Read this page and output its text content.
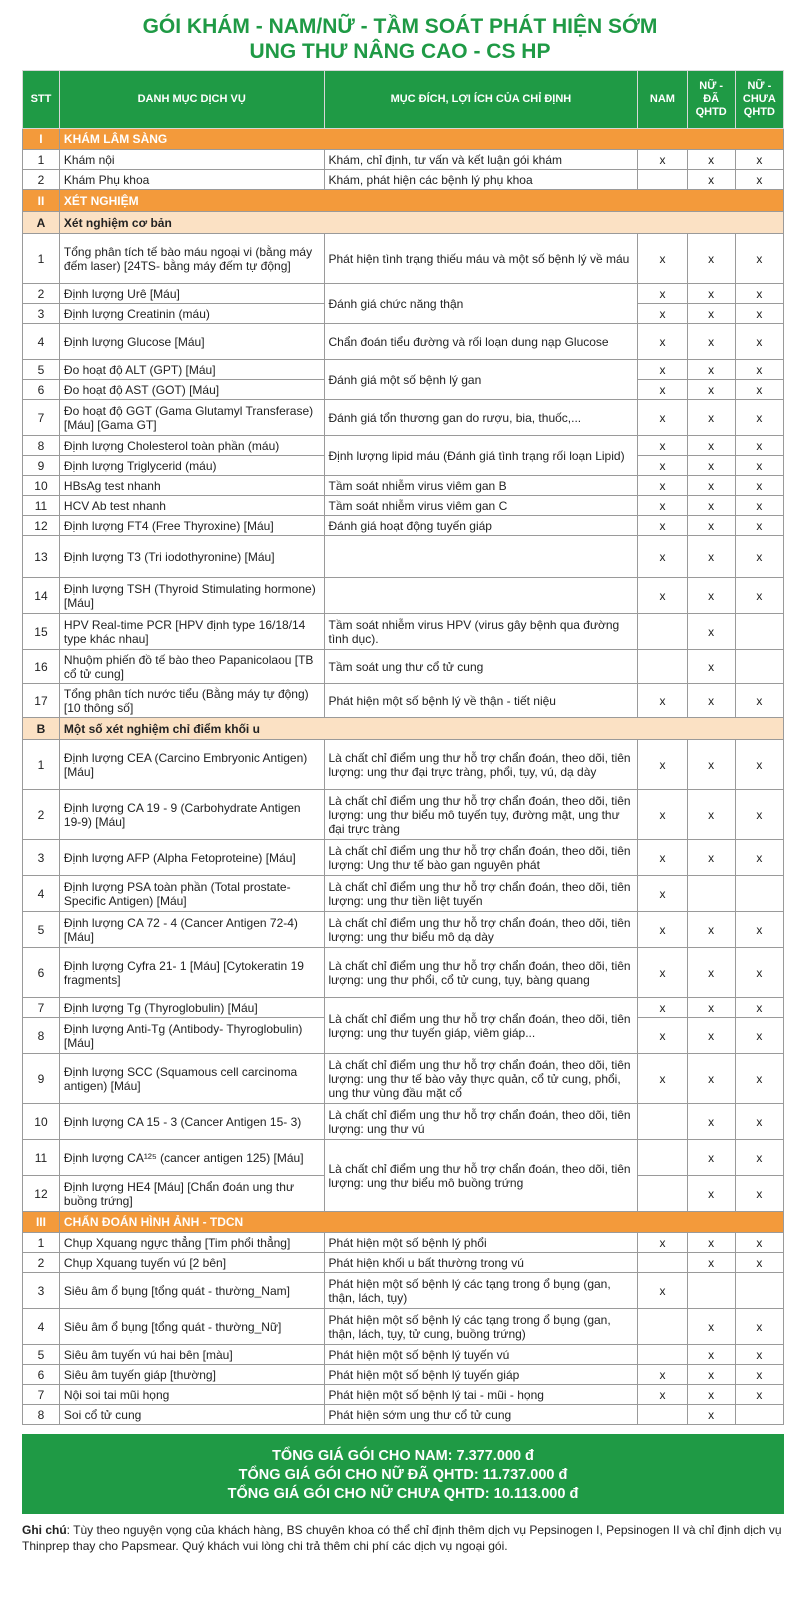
GÓI KHÁM - NAM/NỮ - TẦM SOÁT PHÁT HIỆN SỚM
UNG THƯ NÂNG CAO - CS HP
STT	DANH MỤC DỊCH VỤ	MỤC ĐÍCH, LỢI ÍCH CỦA CHỈ ĐỊNH	NAM	NỮ - ĐÃ QHTD	NỮ - CHƯA QHTD
I	KHÁM LÂM SÀNG				
1	Khám nội	Khám, chỉ định, tư vấn và kết luận gói khám	x	x	x
2	Khám Phụ khoa	Khám, phát hiện các bệnh lý phụ khoa		x	x
II	XÉT NGHIỆM				
A	Xét nghiệm cơ bản				
1	Tổng phân tích tế bào máu ngoại vi (bằng máy đếm laser) [24TS- bằng máy đếm tự động]	Phát hiện tình trạng thiếu máu và một số bệnh lý về máu	x	x	x
2	Định lượng Urê [Máu]	Đánh giá chức năng thận	x	x	x
3	Định lượng Creatinin (máu)		x	x	x
4	Định lượng Glucose [Máu]	Chẩn đoán tiểu đường và rối loạn dung nạp Glucose	x	x	x
5	Đo hoạt độ ALT (GPT) [Máu]	Đánh giá một số bệnh lý gan	x	x	x
6	Đo hoạt độ AST (GOT) [Máu]		x	x	x
7	Đo hoạt độ GGT (Gama Glutamyl Transferase) [Máu] [Gama GT]	Đánh giá tổn thương gan do rượu, bia, thuốc,...	x	x	x
8	Định lượng Cholesterol toàn phần (máu)	Định lượng lipid máu (Đánh giá tình trạng rối loạn Lipid)	x	x	x
9	Định lượng Triglycerid (máu)		x	x	x
10	HBsAg test nhanh	Tầm soát nhiễm virus viêm gan B	x	x	x
11	HCV Ab test nhanh	Tầm soát nhiễm virus viêm gan C	x	x	x
12	Định lượng FT4 (Free Thyroxine) [Máu]	Đánh giá hoạt động tuyến giáp	x	x	x
13	Định lượng T3 (Tri iodothyronine) [Máu]		x	x	x
14	Định lượng TSH (Thyroid Stimulating hormone) [Máu]		x	x	x
15	HPV Real-time PCR [HPV định type 16/18/14 type khác nhau]	Tầm soát nhiễm virus HPV (virus gây bệnh qua đường tình dục).		x	
16	Nhuộm phiến đồ tế bào theo Papanicolaou [TB cổ tử cung]	Tầm soát ung thư cổ tử cung		x	
17	Tổng phân tích nước tiểu (Bằng máy tự động) [10 thông số]	Phát hiện một số bệnh lý về thận - tiết niệu	x	x	x
B	Một số xét nghiệm chỉ điểm khối u				
1	Định lượng CEA (Carcino Embryonic Antigen) [Máu]	Là chất chỉ điểm ung thư hỗ trợ chẩn đoán, theo dõi, tiên lượng: ung thư đại trực tràng, phổi, tụy, vú, dạ dày	x	x	x
2	Định lượng CA 19 - 9 (Carbohydrate Antigen 19-9) [Máu]	Là chất chỉ điểm ung thư hỗ trợ chẩn đoán, theo dõi, tiên lượng: ung thư biểu mô tuyến tụy, đường mật, ung thư đại trực tràng	x	x	x
3	Định lượng AFP (Alpha Fetoproteine) [Máu]	Là chất chỉ điểm ung thư hỗ trợ chẩn đoán, theo dõi, tiên lượng: Ung thư tế bào gan nguyên phát	x	x	x
4	Định lượng PSA toàn phần (Total prostate-Specific Antigen) [Máu]	Là chất chỉ điểm ung thư hỗ trợ chẩn đoán, theo dõi, tiên lượng: ung thư tiền liệt tuyến	x		
5	Định lượng CA 72 - 4 (Cancer Antigen 72-4) [Máu]	Là chất chỉ điểm ung thư hỗ trợ chẩn đoán, theo dõi, tiên lượng: ung thư biểu mô dạ dày	x	x	x
6	Định lượng Cyfra 21- 1 [Máu] [Cytokeratin 19 fragments]	Là chất chỉ điểm ung thư hỗ trợ chẩn đoán, theo dõi, tiên lượng: ung thư phổi, cổ tử cung, tụy, bàng quang	x	x	x
7	Định lượng Tg (Thyroglobulin) [Máu]	Là chất chỉ điểm ung thư hỗ trợ chẩn đoán, theo dõi, tiên lượng: ung thư tuyến giáp, viêm giáp...	x	x	x
8	Định lượng Anti-Tg (Antibody- Thyroglobulin) [Máu]		x	x	x
9	Định lượng SCC (Squamous cell carcinoma antigen) [Máu]	Là chất chỉ điểm ung thư hỗ trợ chẩn đoán, theo dõi, tiên lượng: ung thư tế bào vảy thực quản, cổ tử cung, phổi, ung thư vùng đầu mặt cổ	x	x	x
10	Định lượng CA 15 - 3 (Cancer Antigen 15- 3)	Là chất chỉ điểm ung thư hỗ trợ chẩn đoán, theo dõi, tiên lượng: ung thư vú		x	x
11	Định lượng CA¹²⁵ (cancer antigen 125) [Máu]	Là chất chỉ điểm ung thư hỗ trợ chẩn đoán, theo dõi, tiên lượng: ung thư biểu mô buồng trứng		x	x
12	Định lượng HE4 [Máu] [Chẩn đoán ung thư buồng trứng]			x	x
III	CHẨN ĐOÁN HÌNH ẢNH - TDCN				
1	Chụp Xquang ngực thẳng [Tim phổi thẳng]	Phát hiện một số bệnh lý phổi	x	x	x
2	Chụp Xquang tuyến vú [2 bên]	Phát hiện khối u bất thường trong vú		x	x
3	Siêu âm ổ bụng [tổng quát - thường_Nam]	Phát hiện một số bệnh lý các tạng trong ổ bụng (gan, thận, lách, tụy)	x		
4	Siêu âm ổ bụng [tổng quát - thường_Nữ]	Phát hiện một số bệnh lý các tạng trong ổ bụng (gan, thận, lách, tụy, tử cung, buồng trứng)		x	x
5	Siêu âm tuyến vú hai bên [màu]	Phát hiện một số bệnh lý tuyến vú		x	x
6	Siêu âm tuyến giáp [thường]	Phát hiện một số bệnh lý tuyến giáp	x	x	x
7	Nội soi tai mũi họng	Phát hiện một số bệnh lý tai - mũi - họng	x	x	x
8	Soi cổ tử cung	Phát hiện sớm ung thư cổ tử cung		x	
TỔNG GIÁ GÓI CHO NAM: 7.377.000 đ
TỔNG GIÁ GÓI CHO NỮ ĐÃ QHTD: 11.737.000 đ
TỔNG GIÁ GÓI CHO NỮ CHƯA QHTD: 10.113.000 đ
Ghi chú: Tùy theo nguyện vọng của khách hàng, BS chuyên khoa có thể chỉ định thêm dịch vụ Pepsinogen I, Pepsinogen II và chỉ định dịch vụ Thinprep thay cho Papsmear. Quý khách vui lòng chi trả thêm chi phí các dịch vụ ngoại gói.
